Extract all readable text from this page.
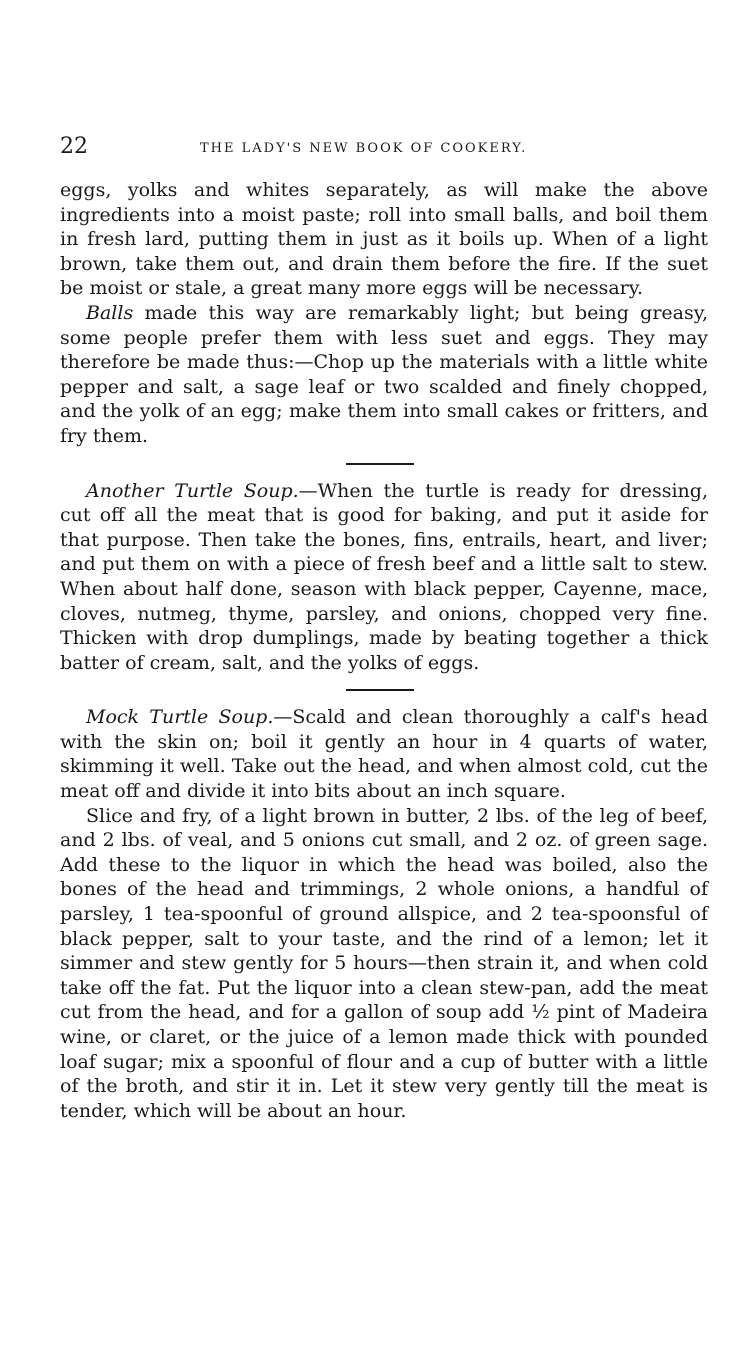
22	THE LADY'S NEW BOOK OF COOKERY.

eggs, yolks and whites separately, as will make the above ingredients into a moist paste; roll into small balls, and boil them in fresh lard, putting them in just as it boils up. When of a light brown, take them out, and drain them before the fire. If the suet be moist or stale, a great many more eggs will be necessary.

Balls made this way are remarkably light; but being greasy, some people prefer them with less suet and eggs. They may therefore be made thus:—Chop up the materials with a little white pepper and salt, a sage leaf or two scalded and finely chopped, and the yolk of an egg; make them into small cakes or fritters, and fry them.

Another Turtle Soup.—When the turtle is ready for dressing, cut off all the meat that is good for baking, and put it aside for that purpose. Then take the bones, fins, entrails, heart, and liver; and put them on with a piece of fresh beef and a little salt to stew. When about half done, season with black pepper, Cayenne, mace, cloves, nutmeg, thyme, parsley, and onions, chopped very fine. Thicken with drop dumplings, made by beating together a thick batter of cream, salt, and the yolks of eggs.

Mock Turtle Soup.—Scald and clean thoroughly a calf's head with the skin on; boil it gently an hour in 4 quarts of water, skimming it well. Take out the head, and when almost cold, cut the meat off and divide it into bits about an inch square.

Slice and fry, of a light brown in butter, 2 lbs. of the leg of beef, and 2 lbs. of veal, and 5 onions cut small, and 2 oz. of green sage. Add these to the liquor in which the head was boiled, also the bones of the head and trimmings, 2 whole onions, a handful of parsley, 1 tea-spoonful of ground allspice, and 2 tea-spoonsful of black pepper, salt to your taste, and the rind of a lemon; let it simmer and stew gently for 5 hours—then strain it, and when cold take off the fat. Put the liquor into a clean stew-pan, add the meat cut from the head, and for a gallon of soup add ½ pint of Madeira wine, or claret, or the juice of a lemon made thick with pounded loaf sugar; mix a spoonful of flour and a cup of butter with a little of the broth, and stir it in. Let it stew very gently till the meat is tender, which will be about an hour.
